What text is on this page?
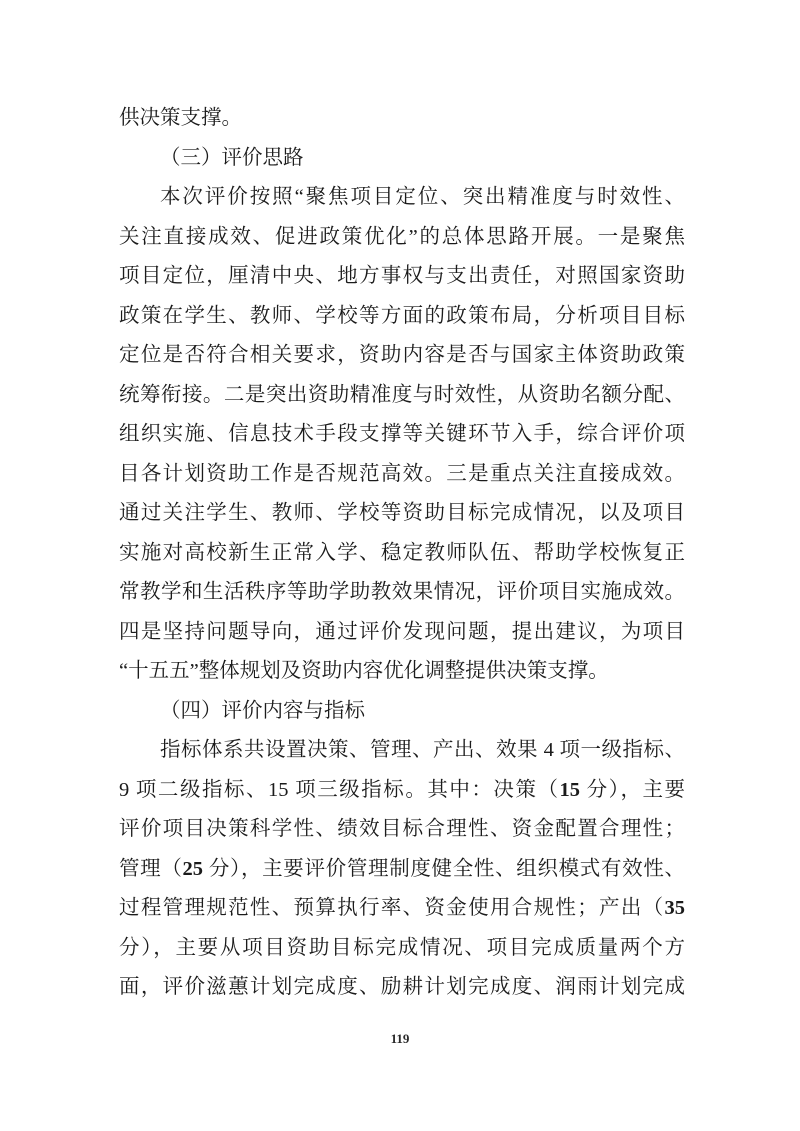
供决策支撑。
（三）评价思路
本次评价按照“聚焦项目定位、突出精准度与时效性、
关注直接成效、促进政策优化”的总体思路开展。一是聚焦
项目定位，厘清中央、地方事权与支出责任，对照国家资助
政策在学生、教师、学校等方面的政策布局，分析项目目标
定位是否符合相关要求，资助内容是否与国家主体资助政策
统筹衔接。二是突出资助精准度与时效性，从资助名额分配、
组织实施、信息技术手段支撑等关键环节入手，综合评价项
目各计划资助工作是否规范高效。三是重点关注直接成效。
通过关注学生、教师、学校等资助目标完成情况，以及项目
实施对高校新生正常入学、稳定教师队伍、帮助学校恢复正
常教学和生活秩序等助学助教效果情况，评价项目实施成效。
四是坚持问题导向，通过评价发现问题，提出建议，为项目
“十五五”整体规划及资助内容优化调整提供决策支撑。
（四）评价内容与指标
指标体系共设置决策、管理、产出、效果 4 项一级指标、
9 项二级指标、15 项三级指标。其中：决策（15 分），主要
评价项目决策科学性、绩效目标合理性、资金配置合理性；
管理（25 分），主要评价管理制度健全性、组织模式有效性、
过程管理规范性、预算执行率、资金使用合规性；产出（35
分），主要从项目资助目标完成情况、项目完成质量两个方
面，评价滋蕙计划完成度、励耕计划完成度、润雨计划完成
119
